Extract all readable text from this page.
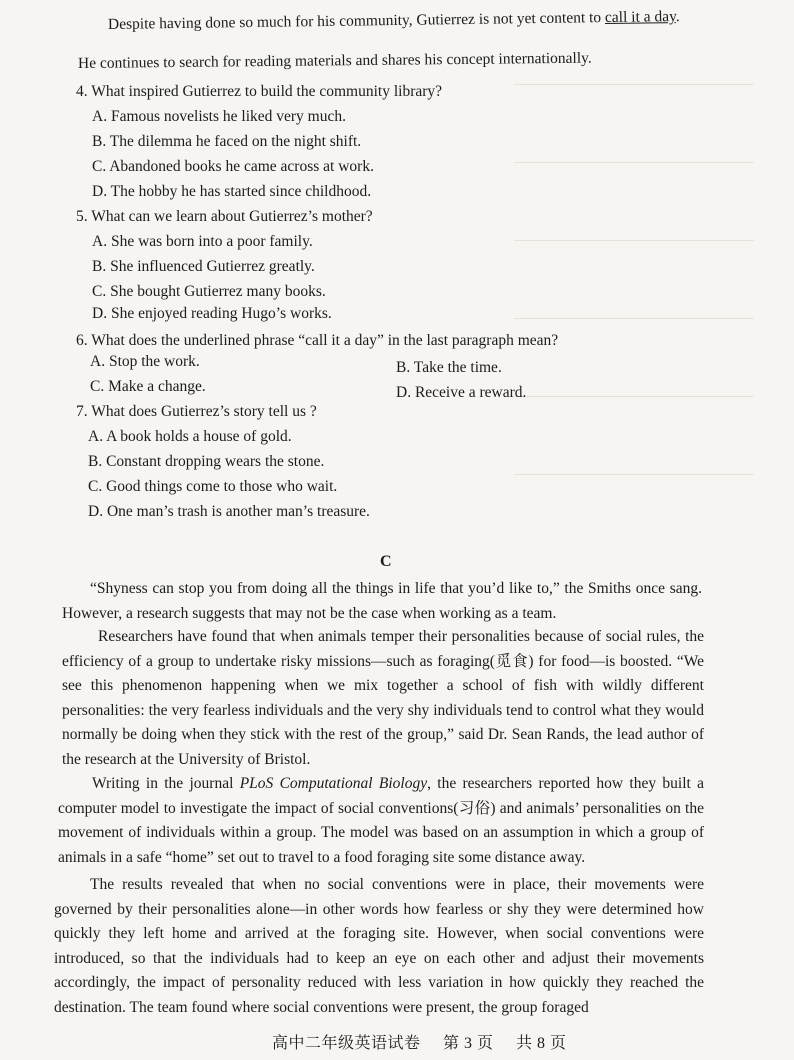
Despite having done so much for his community, Gutierrez is not yet content to call it a day.
He continues to search for reading materials and shares his concept internationally.
4. What inspired Gutierrez to build the community library?
A. Famous novelists he liked very much.
B. The dilemma he faced on the night shift.
C. Abandoned books he came across at work.
D. The hobby he has started since childhood.
5. What can we learn about Gutierrez’s mother?
A. She was born into a poor family.
B. She influenced Gutierrez greatly.
C. She bought Gutierrez many books.
D. She enjoyed reading Hugo’s works.
6. What does the underlined phrase “call it a day” in the last paragraph mean?
A. Stop the work.	B. Take the time.
C. Make a change.	D. Receive a reward.
7. What does Gutierrez’s story tell us ?
A. A book holds a house of gold.
B. Constant dropping wears the stone.
C. Good things come to those who wait.
D. One man’s trash is another man’s treasure.
C
“Shyness can stop you from doing all the things in life that you’d like to,” the Smiths once sang. However, a research suggests that may not be the case when working as a team.
Researchers have found that when animals temper their personalities because of social rules, the efficiency of a group to undertake risky missions—such as foraging(觅食) for food—is boosted. “We see this phenomenon happening when we mix together a school of fish with wildly different personalities: the very fearless individuals and the very shy individuals tend to control what they would normally be doing when they stick with the rest of the group,” said Dr. Sean Rands, the lead author of the research at the University of Bristol.
Writing in the journal PLoS Computational Biology, the researchers reported how they built a computer model to investigate the impact of social conventions(习俗) and animals’ personalities on the movement of individuals within a group. The model was based on an assumption in which a group of animals in a safe “home” set out to travel to a food foraging site some distance away.
The results revealed that when no social conventions were in place, their movements were governed by their personalities alone—in other words how fearless or shy they were determined how quickly they left home and arrived at the foraging site. However, when social conventions were introduced, so that the individuals had to keep an eye on each other and adjust their movements accordingly, the impact of personality reduced with less variation in how quickly they reached the destination. The team found where social conventions were present, the group foraged
高中二年级英语试卷 第 3 页 共 8 页
